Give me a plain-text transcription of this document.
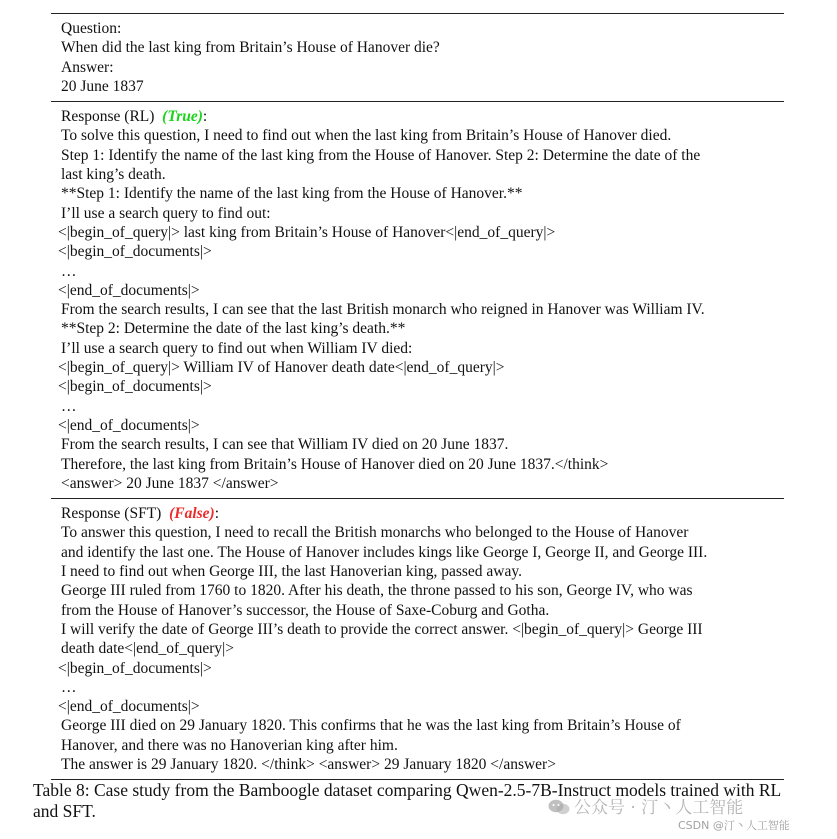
Question:
When did the last king from Britain’s House of Hanover die?
Answer:
20 June 1837
Response (RL) (True):
To solve this question, I need to find out when the last king from Britain’s House of Hanover died.
Step 1: Identify the name of the last king from the House of Hanover. Step 2: Determine the date of the
last king’s death.
**Step 1: Identify the name of the last king from the House of Hanover.**
I’ll use a search query to find out:
<|begin_of_query|> last king from Britain’s House of Hanover<|end_of_query|>
<|begin_of_documents|>
…
<|end_of_documents|>
From the search results, I can see that the last British monarch who reigned in Hanover was William IV.
**Step 2: Determine the date of the last king’s death.**
I’ll use a search query to find out when William IV died:
<|begin_of_query|> William IV of Hanover death date<|end_of_query|>
<|begin_of_documents|>
…
<|end_of_documents|>
From the search results, I can see that William IV died on 20 June 1837.
Therefore, the last king from Britain’s House of Hanover died on 20 June 1837.</think>
<answer> 20 June 1837 </answer>
Response (SFT) (False):
To answer this question, I need to recall the British monarchs who belonged to the House of Hanover
and identify the last one. The House of Hanover includes kings like George I, George II, and George III.
I need to find out when George III, the last Hanoverian king, passed away.
George III ruled from 1760 to 1820. After his death, the throne passed to his son, George IV, who was
from the House of Hanover’s successor, the House of Saxe-Coburg and Gotha.
I will verify the date of George III’s death to provide the correct answer. <|begin_of_query|> George III
death date<|end_of_query|>
<|begin_of_documents|>
…
<|end_of_documents|>
George III died on 29 January 1820. This confirms that he was the last king from Britain’s House of
Hanover, and there was no Hanoverian king after him.
The answer is 29 January 1820. </think> <answer> 29 January 1820 </answer>
Table 8: Case study from the Bamboogle dataset comparing Qwen-2.5-7B-Instruct models trained with RL and SFT.	公众号 · 汀丶人工智能
CSDN @汀丶人工智能
